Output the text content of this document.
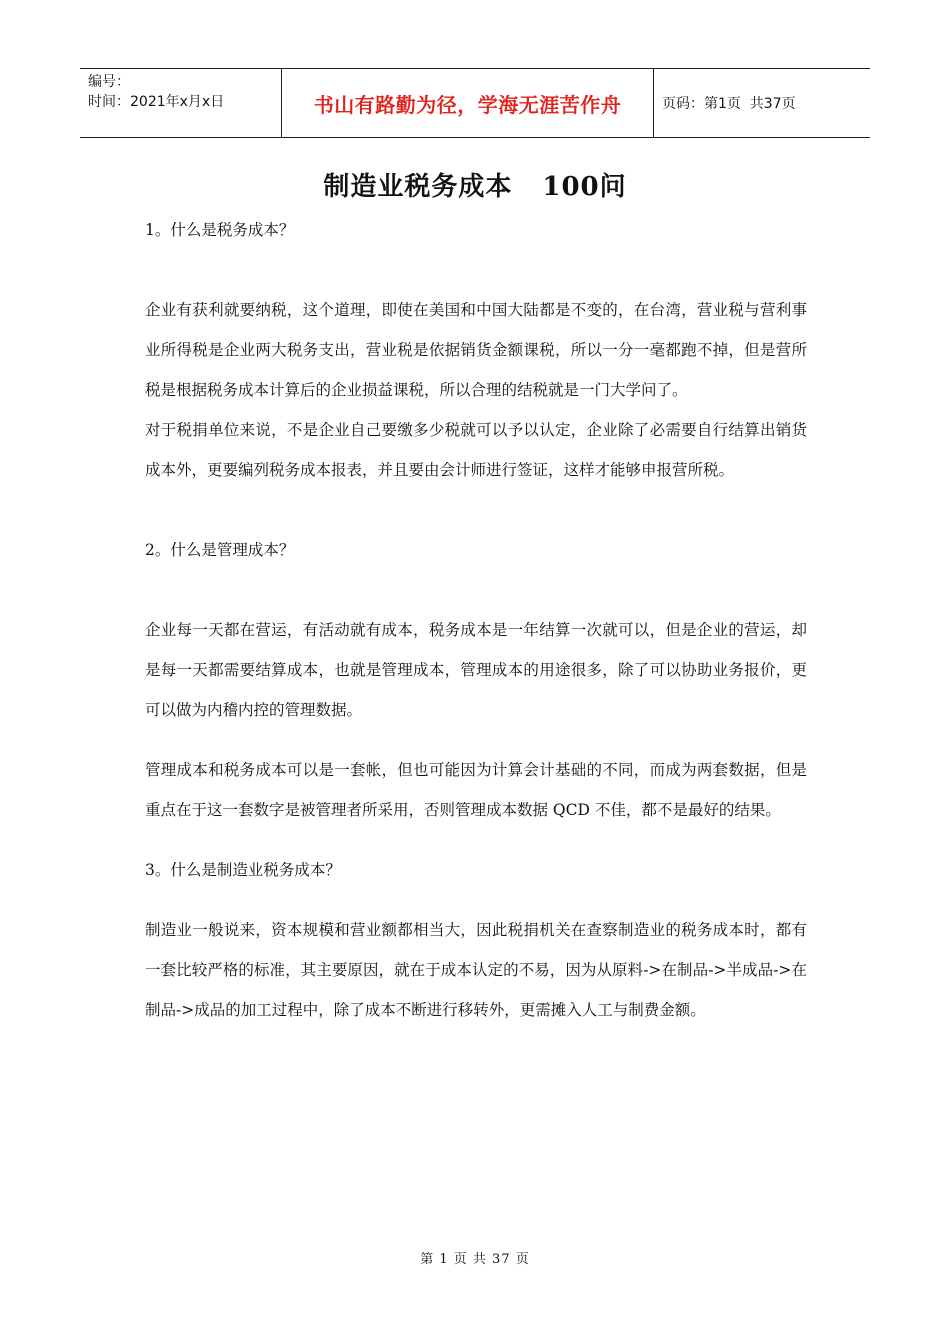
编号：
时间：2021年x月x日	书山有路勤为径，学海无涯苦作舟	页码：第1页  共37页
制造业税务成本 100问

1。什么是税务成本？

企业有获利就要纳税，这个道理，即使在美国和中国大陆都是不变的，在台湾，营业税与营利事业所得税是企业两大税务支出，营业税是依据销货金额课税，所以一分一毫都跑不掉，但是营所税是根据税务成本计算后的企业损益课税，所以合理的结税就是一门大学问了。

对于税捐单位来说，不是企业自己要缴多少税就可以予以认定，企业除了必需要自行结算出销货成本外，更要编列税务成本报表，并且要由会计师进行签证，这样才能够申报营所税。

2。什么是管理成本？

企业每一天都在营运，有活动就有成本，税务成本是一年结算一次就可以，但是企业的营运，却是每一天都需要结算成本，也就是管理成本，管理成本的用途很多，除了可以协助业务报价，更可以做为内稽内控的管理数据。

管理成本和税务成本可以是一套帐，但也可能因为计算会计基础的不同，而成为两套数据，但是重点在于这一套数字是被管理者所采用，否则管理成本数据 QCD 不佳，都不是最好的结果。

3。什么是制造业税务成本？

制造业一般说来，资本规模和营业额都相当大，因此税捐机关在查察制造业的税务成本时，都有一套比较严格的标准，其主要原因，就在于成本认定的不易，因为从原料->在制品->半成品->在制品->成品的加工过程中，除了成本不断进行移转外，更需摊入人工与制费金额。

第 1 页 共 37 页
